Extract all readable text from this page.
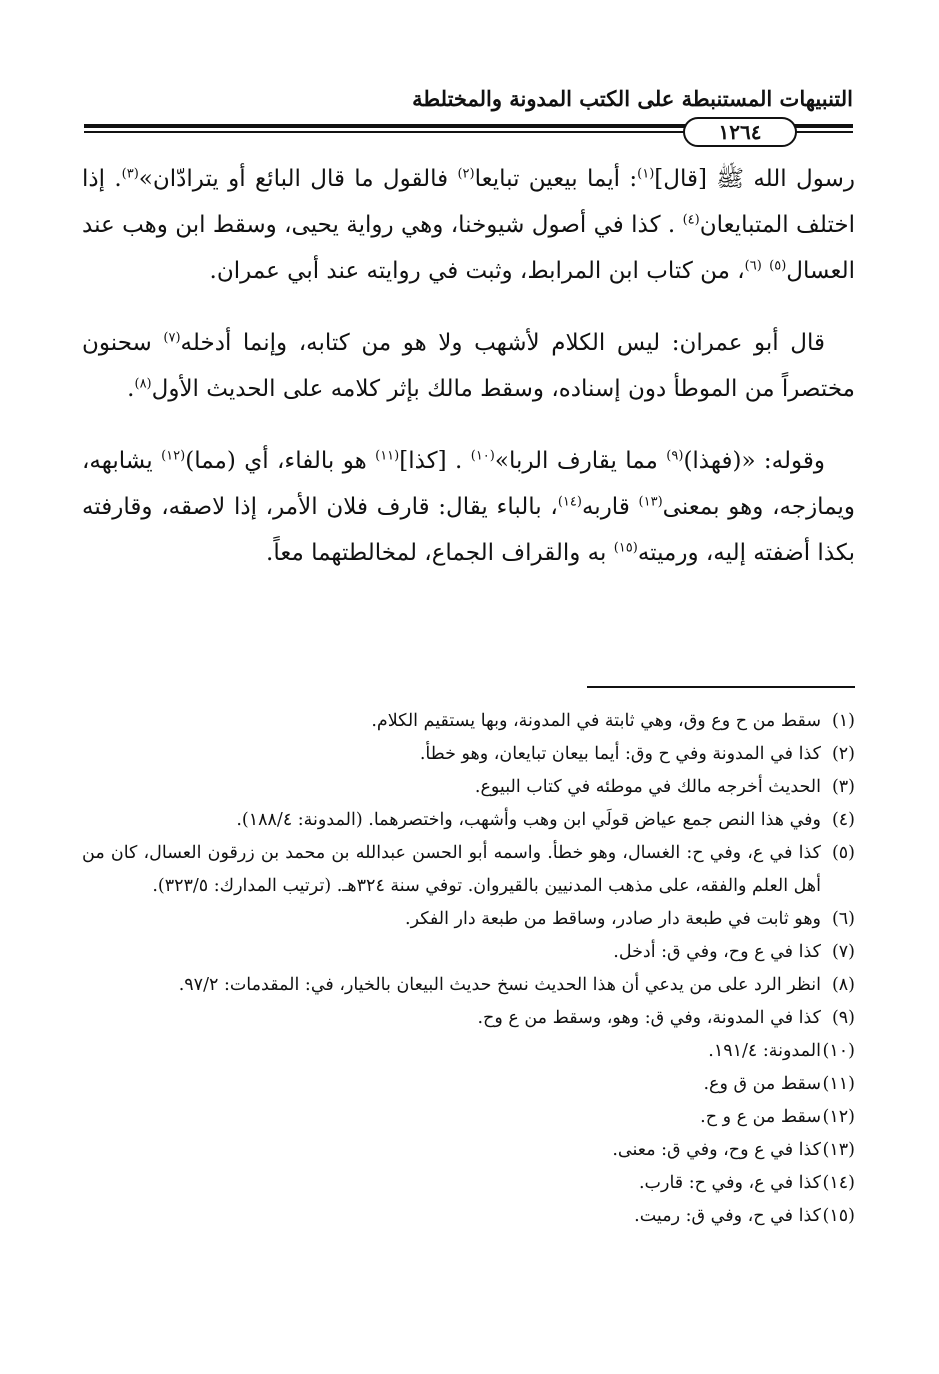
التنبيهات المستنبطة على الكتب المدونة والمختلطة
١٢٦٤

رسول الله ﷺ [قال]$^{(١)}$: أيما بيعين تبايعا$^{(٢)}$ فالقول ما قال البائع أو يترادّان»$^{(٣)}$. إذا اختلف المتبايعان$^{(٤)}$ . كذا في أصول شيوخنا، وهي رواية يحيى، وسقط ابن وهب عند العسال$^{(٥)}$ $^{(٦)}$، من كتاب ابن المرابط، وثبت في روايته عند أبي عمران.

قال أبو عمران: ليس الكلام لأشهب ولا هو من كتابه، وإنما أدخله$^{(٧)}$ سحنون مختصراً من الموطأ دون إسناده، وسقط مالك بإثر كلامه على الحديث الأول$^{(٨)}$.

وقوله: «(فهذا)$^{(٩)}$ مما يقارف الربا»$^{(١٠)}$ . [كذا]$^{(١١)}$ هو بالفاء، أي (مما)$^{(١٢)}$ يشابهه، ويمازجه، وهو بمعنى$^{(١٣)}$ قاربه$^{(١٤)}$، بالباء يقال: قارف فلان الأمر، إذا لاصقه، وقارفته بكذا أضفته إليه، ورميته$^{(١٥)}$ به والقراف الجماع، لمخالطتهما معاً.

(١)
سقط من ح وع وق، وهي ثابتة في المدونة، وبها يستقيم الكلام.
(٢)
كذا في المدونة وفي ح وق: أيما بيعان تبايعان، وهو خطأ.
(٣)
الحديث أخرجه مالك في موطئه في كتاب البيوع.
(٤)
وفي هذا النص جمع عياض قولَي ابن وهب وأشهب، واختصرهما. (المدونة: ١٨٨/٤).
(٥)
كذا في ع، وفي ح: الغسال، وهو خطأ. واسمه أبو الحسن عبدالله بن محمد بن زرقون العسال، كان من أهل العلم والفقه، على مذهب المدنيين بالقيروان. توفي سنة ٣٢٤هـ. (ترتيب المدارك: ٣٢٣/٥).
(٦)
وهو ثابت في طبعة دار صادر، وساقط من طبعة دار الفكر.
(٧)
كذا في ع وح، وفي ق: أدخل.
(٨)
انظر الرد على من يدعي أن هذا الحديث نسخ حديث البيعان بالخيار، في: المقدمات: ٩٧/٢.
(٩)
كذا في المدونة، وفي ق: وهو، وسقط من ع وح.
(١٠)
المدونة: ١٩١/٤.
(١١)
سقط من ق وع.
(١٢)
سقط من ع و ح.
(١٣)
كذا في ع وح، وفي ق: معنى.
(١٤)
كذا في ع، وفي ح: قارب.
(١٥)
كذا في ح، وفي ق: رميت.
